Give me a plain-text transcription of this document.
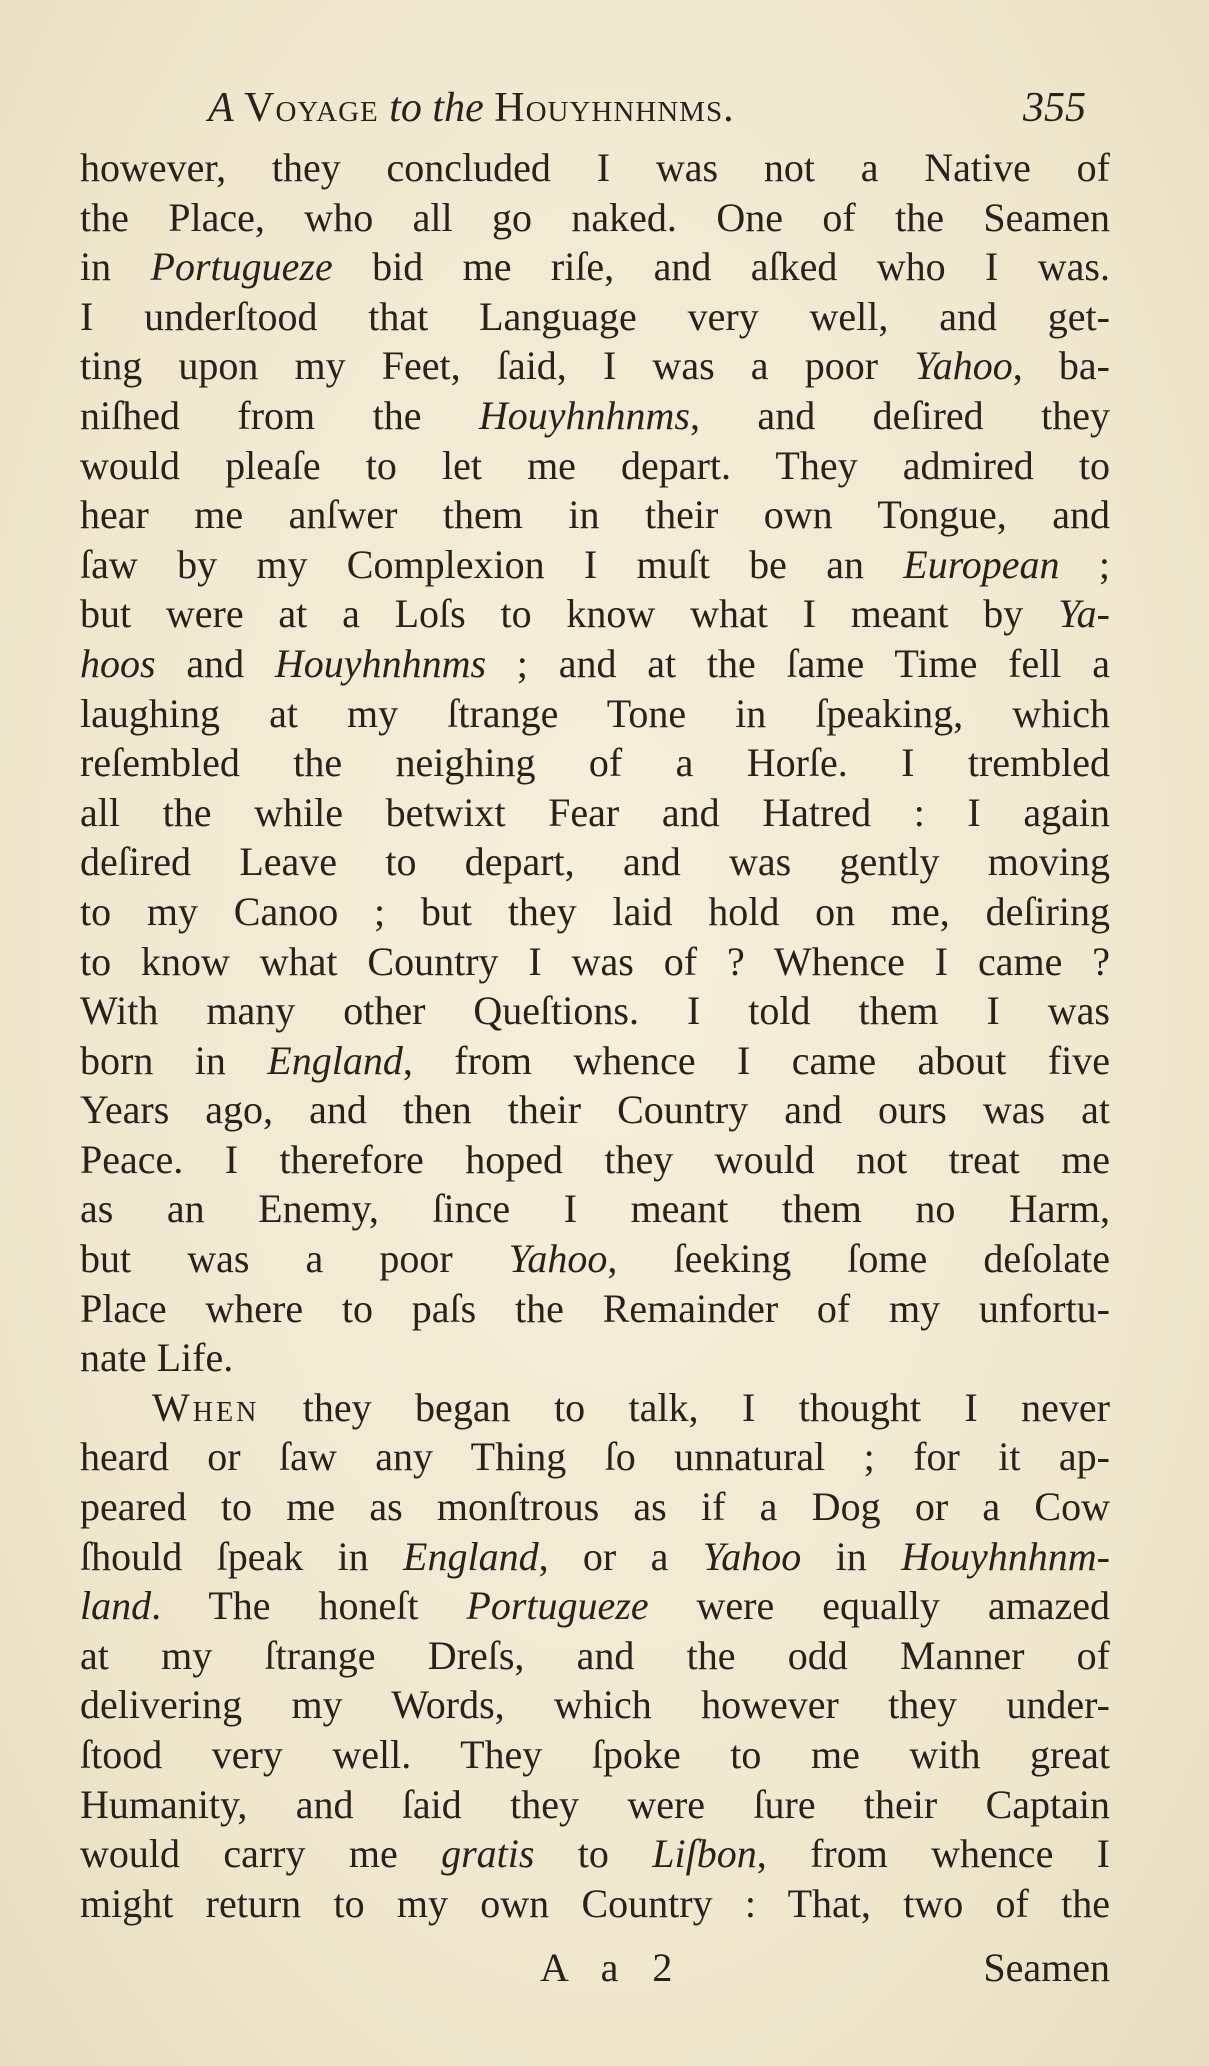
A Voyage to the Houyhnhnms.	355
however, they concluded I was not a Native of
the Place, who all go naked. One of the Seamen
in Portugueze bid me riſe, and aſked who I was.
I underſtood that Language very well, and get-
ting upon my Feet, ſaid, I was a poor Yahoo, ba-
niſhed from the Houyhnhnms, and deſired they
would pleaſe to let me depart. They admired to
hear me anſwer them in their own Tongue, and
ſaw by my Complexion I muſt be an European ;
but were at a Loſs to know what I meant by Ya-
hoos and Houyhnhnms ; and at the ſame Time fell a
laughing at my ſtrange Tone in ſpeaking, which
reſembled the neighing of a Horſe. I trembled
all the while betwixt Fear and Hatred : I again
deſired Leave to depart, and was gently moving
to my Canoo ; but they laid hold on me, deſiring
to know what Country I was of ? Whence I came ?
With many other Queſtions. I told them I was
born in England, from whence I came about five
Years ago, and then their Country and ours was at
Peace. I therefore hoped they would not treat me
as an Enemy, ſince I meant them no Harm,
but was a poor Yahoo, ſeeking ſome deſolate
Place where to paſs the Remainder of my unfortu-
nate Life.
When they began to talk, I thought I never
heard or ſaw any Thing ſo unnatural ; for it ap-
peared to me as monſtrous as if a Dog or a Cow
ſhould ſpeak in England, or a Yahoo in Houyhnhnm-
land. The honeſt Portugueze were equally amazed
at my ſtrange Dreſs, and the odd Manner of
delivering my Words, which however they under-
ſtood very well. They ſpoke to me with great
Humanity, and ſaid they were ſure their Captain
would carry me gratis to Liſbon, from whence I
might return to my own Country : That, two of the
A a 2	Seamen
